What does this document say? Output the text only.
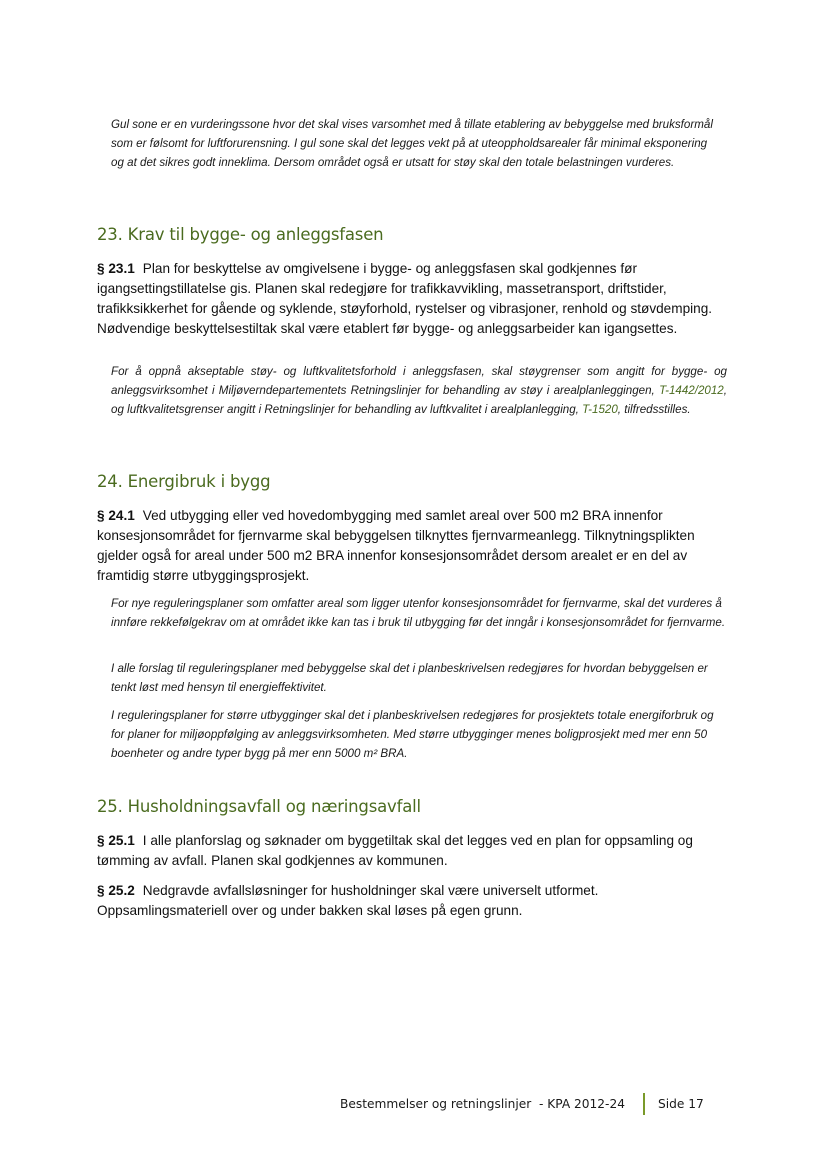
Gul sone er en vurderingssone hvor det skal vises varsomhet med å tillate etablering av bebyggelse med bruksformål som er følsomt for luftforurensning. I gul sone skal det legges vekt på at uteoppholdsarealer får minimal eksponering og at det sikres godt inneklima. Dersom området også er utsatt for støy skal den totale belastningen vurderes.
23. Krav til bygge- og anleggsfasen
§ 23.1 Plan for beskyttelse av omgivelsene i bygge- og anleggsfasen skal godkjennes før igangsettingstillatelse gis. Planen skal redegjøre for trafikkavvikling, massetransport, driftstider, trafikksikkerhet for gående og syklende, støyforhold, rystelser og vibrasjoner, renhold og støvdemping. Nødvendige beskyttelsestiltak skal være etablert før bygge- og anleggsarbeider kan igangsettes.
For å oppnå akseptable støy- og luftkvalitetsforhold i anleggsfasen, skal støygrenser som angitt for bygge- og anleggsvirksomhet i Miljøverndepartementets Retningslinjer for behandling av støy i arealplanleggingen, T-1442/2012, og luftkvalitetsgrenser angitt i Retningslinjer for behandling av luftkvalitet i arealplanlegging, T-1520, tilfredsstilles.
24. Energibruk i bygg
§ 24.1 Ved utbygging eller ved hovedombygging med samlet areal over 500 m2 BRA innenfor konsesjonsområdet for fjernvarme skal bebyggelsen tilknyttes fjernvarmeanlegg. Tilknytningsplikten gjelder også for areal under 500 m2 BRA innenfor konsesjonsområdet dersom arealet er en del av framtidig større utbyggingsprosjekt.
For nye reguleringsplaner som omfatter areal som ligger utenfor konsesjonsområdet for fjernvarme, skal det vurderes å innføre rekkefølgekrav om at området ikke kan tas i bruk til utbygging før det inngår i konsesjonsområdet for fjernvarme.
I alle forslag til reguleringsplaner med bebyggelse skal det i planbeskrivelsen redegjøres for hvordan bebyggelsen er tenkt løst med hensyn til energieffektivitet.
I reguleringsplaner for større utbygginger skal det i planbeskrivelsen redegjøres for prosjektets totale energiforbruk og for planer for miljøoppfølging av anleggsvirksomheten. Med større utbygginger menes boligprosjekt med mer enn 50 boenheter og andre typer bygg på mer enn 5000 m² BRA.
25. Husholdningsavfall og næringsavfall
§ 25.1 I alle planforslag og søknader om byggetiltak skal det legges ved en plan for oppsamling og tømming av avfall. Planen skal godkjennes av kommunen.
§ 25.2 Nedgravde avfallsløsninger for husholdninger skal være universelt utformet. Oppsamlingsmateriell over og under bakken skal løses på egen grunn.
Bestemmelser og retningslinjer  - KPA 2012-24	Side 17
